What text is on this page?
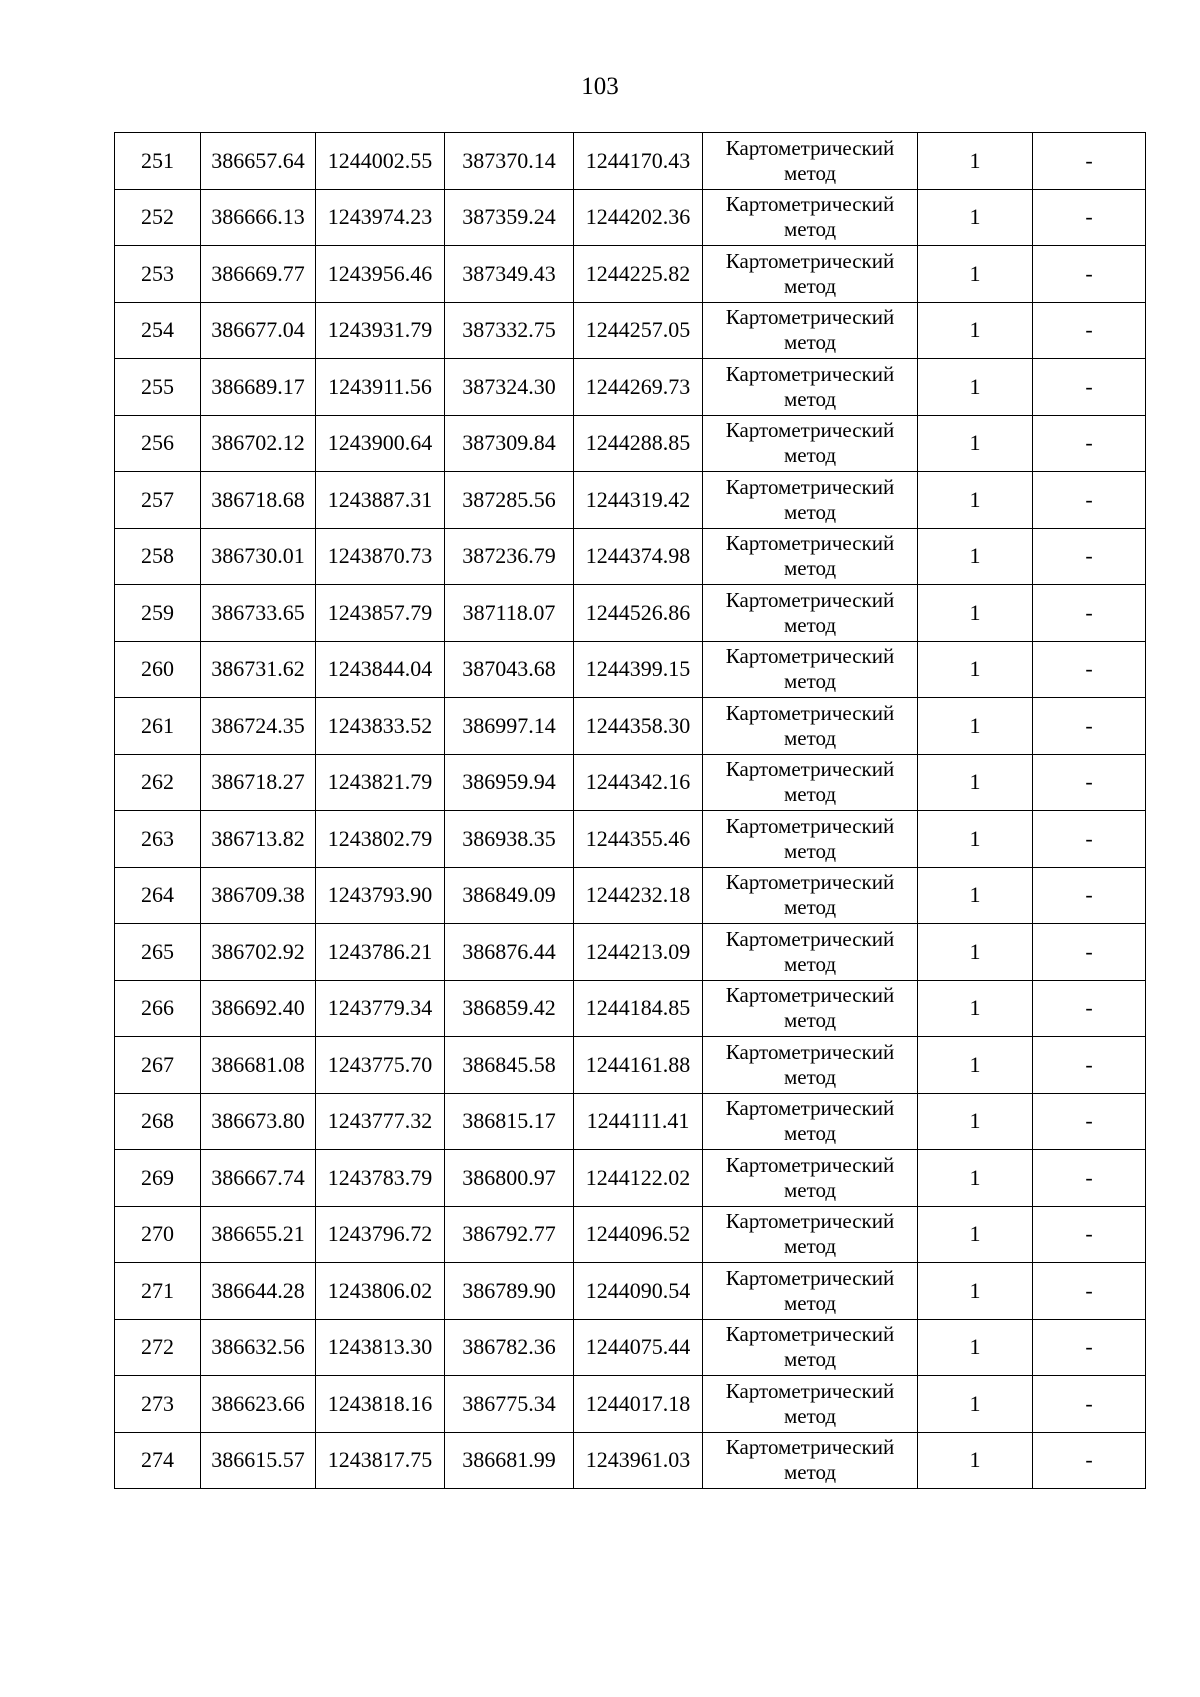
103
251	386657.64	1244002.55	387370.14	1244170.43	Картометрический метод	1	-
252	386666.13	1243974.23	387359.24	1244202.36	Картометрический метод	1	-
253	386669.77	1243956.46	387349.43	1244225.82	Картометрический метод	1	-
254	386677.04	1243931.79	387332.75	1244257.05	Картометрический метод	1	-
255	386689.17	1243911.56	387324.30	1244269.73	Картометрический метод	1	-
256	386702.12	1243900.64	387309.84	1244288.85	Картометрический метод	1	-
257	386718.68	1243887.31	387285.56	1244319.42	Картометрический метод	1	-
258	386730.01	1243870.73	387236.79	1244374.98	Картометрический метод	1	-
259	386733.65	1243857.79	387118.07	1244526.86	Картометрический метод	1	-
260	386731.62	1243844.04	387043.68	1244399.15	Картометрический метод	1	-
261	386724.35	1243833.52	386997.14	1244358.30	Картометрический метод	1	-
262	386718.27	1243821.79	386959.94	1244342.16	Картометрический метод	1	-
263	386713.82	1243802.79	386938.35	1244355.46	Картометрический метод	1	-
264	386709.38	1243793.90	386849.09	1244232.18	Картометрический метод	1	-
265	386702.92	1243786.21	386876.44	1244213.09	Картометрический метод	1	-
266	386692.40	1243779.34	386859.42	1244184.85	Картометрический метод	1	-
267	386681.08	1243775.70	386845.58	1244161.88	Картометрический метод	1	-
268	386673.80	1243777.32	386815.17	1244111.41	Картометрический метод	1	-
269	386667.74	1243783.79	386800.97	1244122.02	Картометрический метод	1	-
270	386655.21	1243796.72	386792.77	1244096.52	Картометрический метод	1	-
271	386644.28	1243806.02	386789.90	1244090.54	Картометрический метод	1	-
272	386632.56	1243813.30	386782.36	1244075.44	Картометрический метод	1	-
273	386623.66	1243818.16	386775.34	1244017.18	Картометрический метод	1	-
274	386615.57	1243817.75	386681.99	1243961.03	Картометрический метод	1	-
